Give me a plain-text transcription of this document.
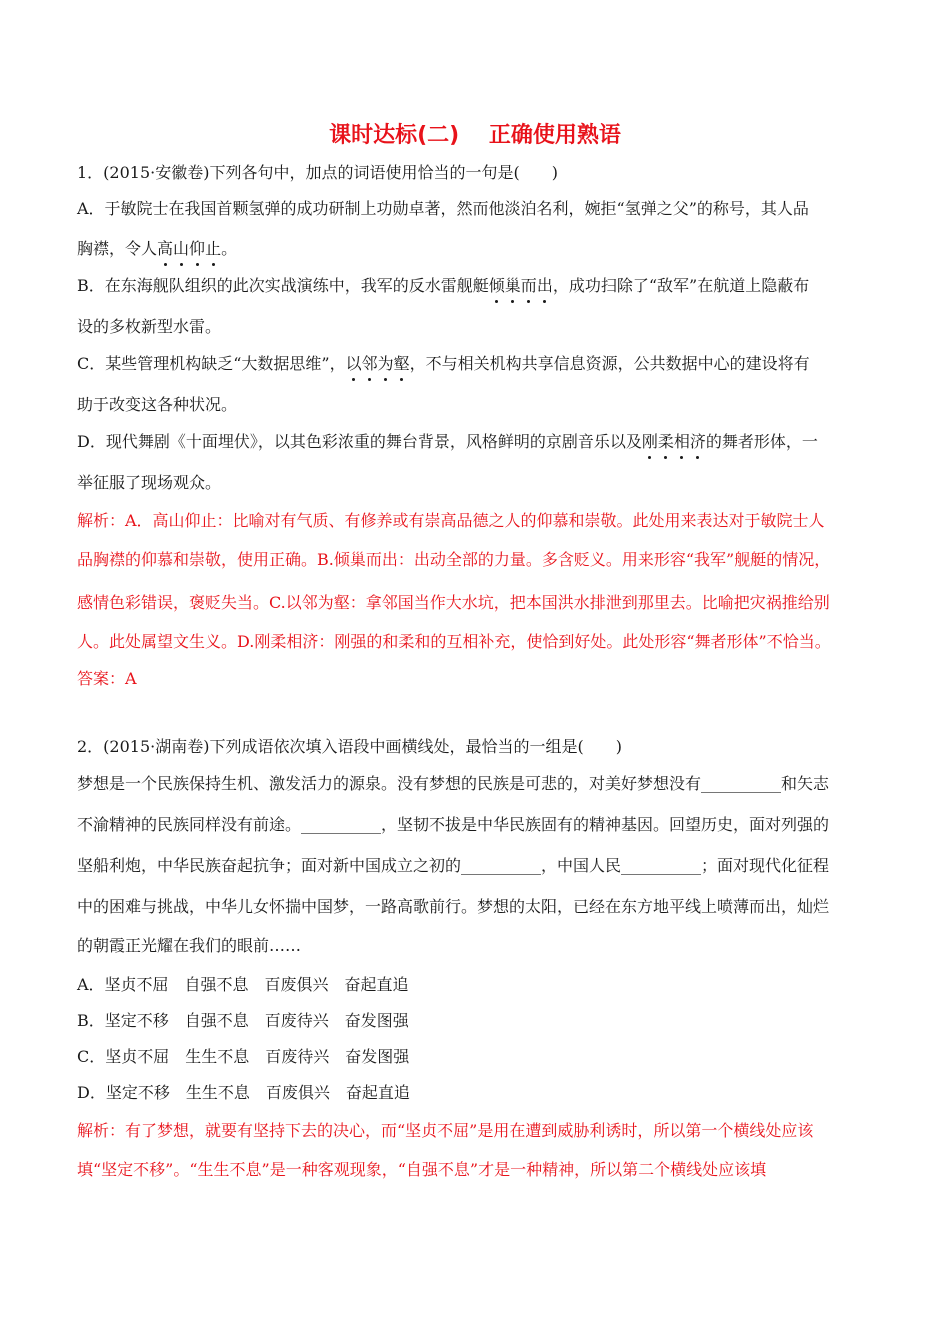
课时达标(二)　 正确使用熟语
1．(2015·安徽卷)下列各句中，加点的词语使用恰当的一句是(　　)
A．于敏院士在我国首颗氢弹的成功研制上功勋卓著，然而他淡泊名利，婉拒“氢弹之父”的称号，其人品
胸襟，令人高山仰止。
B．在东海舰队组织的此次实战演练中，我军的反水雷舰艇倾巢而出，成功扫除了“敌军”在航道上隐蔽布
设的多枚新型水雷。
C．某些管理机构缺乏“大数据思维”，以邻为壑，不与相关机构共享信息资源，公共数据中心的建设将有
助于改变这各种状况。
D．现代舞剧《十面埋伏》，以其色彩浓重的舞台背景，风格鲜明的京剧音乐以及刚柔相济的舞者形体，一
举征服了现场观众。
解析：A．高山仰止：比喻对有气质、有修养或有崇高品德之人的仰慕和崇敬。此处用来表达对于敏院士人
品胸襟的仰慕和崇敬，使用正确。B.倾巢而出：出动全部的力量。多含贬义。用来形容“我军”舰艇的情况，
感情色彩错误，褒贬失当。C.以邻为壑：拿邻国当作大水坑，把本国洪水排泄到那里去。比喻把灾祸推给别
人。此处属望文生义。D.刚柔相济：刚强的和柔和的互相补充，使恰到好处。此处形容“舞者形体”不恰当。
答案：A
2．(2015·湖南卷)下列成语依次填入语段中画横线处，最恰当的一组是(　　)
梦想是一个民族保持生机、激发活力的源泉。没有梦想的民族是可悲的，对美好梦想没有__________和矢志
不渝精神的民族同样没有前途。__________，坚韧不拔是中华民族固有的精神基因。回望历史，面对列强的
坚船利炮，中华民族奋起抗争；面对新中国成立之初的__________，中国人民__________；面对现代化征程
中的困难与挑战，中华儿女怀揣中国梦，一路高歌前行。梦想的太阳，已经在东方地平线上喷薄而出，灿烂
的朝霞正光耀在我们的眼前……
A．坚贞不屈　自强不息　百废俱兴　奋起直追
B．坚定不移　自强不息　百废待兴　奋发图强
C．坚贞不屈　生生不息　百废待兴　奋发图强
D．坚定不移　生生不息　百废俱兴　奋起直追
解析：有了梦想，就要有坚持下去的决心，而“坚贞不屈”是用在遭到威胁利诱时，所以第一个横线处应该
填“坚定不移”。“生生不息”是一种客观现象，“自强不息”才是一种精神，所以第二个横线处应该填
